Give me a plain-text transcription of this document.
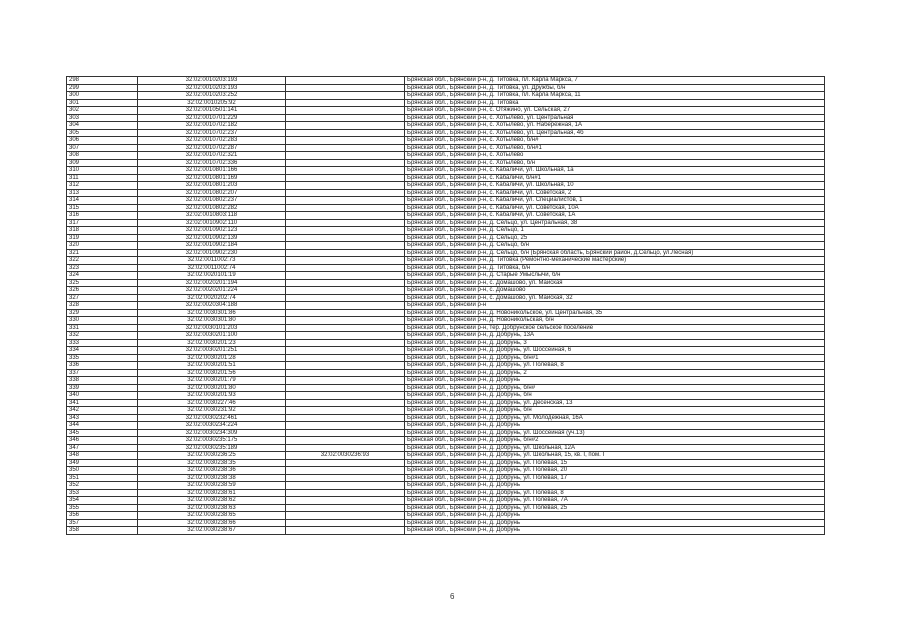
298	32:02:0010203:193		Брянская обл., Брянский р-н, д. Титовка, пл. Карла Маркса, 7
299	32:02:0010203:193		Брянская обл., Брянский р-н, д. Титовка, ул. Дружбы, б/н
300	32:02:0010203:252		Брянская обл., Брянский р-н, д. Титовка, пл. Карла Маркса, 11
301	32:02:0010205:92		Брянская обл., Брянский р-н, д. Титовка
302	32:02:0010501:141		Брянская обл., Брянский р-н, с. Отяжино, ул. Сельская, 27
303	32:02:0010701:229		Брянская обл., Брянский р-н, с. Хотылево, ул. Центральная
304	32:02:0010702:182		Брянская обл., Брянский р-н, с. Хотылево, ул. Набережная, 1А
305	32:02:0010702:237		Брянская обл., Брянский р-н, с. Хотылево, ул. Центральная, 4б
306	32:02:0010702:283		Брянская обл., Брянский р-н, с. Хотылево, б/н#
307	32:02:0010702:287		Брянская обл., Брянский р-н, с. Хотылево, б/н#1
308	32:02:0010702:321		Брянская обл., Брянский р-н, с. Хотылево
309	32:02:0010702:336		Брянская обл., Брянский р-н, с. Хотылево, б/н
310	32:02:0010801:166		Брянская обл., Брянский р-н, с. Кабаличи, ул. Школьная, 1а
311	32:02:0010801:169		Брянская обл., Брянский р-н, с. Кабаличи, б/н#1
312	32:02:0010801:203		Брянская обл., Брянский р-н, с. Кабаличи, ул. Школьная, 10
313	32:02:0010802:207		Брянская обл., Брянский р-н, с. Кабаличи, ул. Советская, 2
314	32:02:0010802:237		Брянская обл., Брянский р-н, с. Кабаличи, ул. Специалистов, 1
315	32:02:0010802:282		Брянская обл., Брянский р-н, с. Кабаличи, ул. Советская, 10А
316	32:02:0010803:118		Брянская обл., Брянский р-н, с. Кабаличи, ул. Советская, 1А
317	32:02:0010902:110		Брянская обл., Брянский р-н, д. Сельцо, ул. Центральная, 38
318	32:02:0010902:123		Брянская обл., Брянский р-н, д. Сельцо, 1
319	32:02:0010902:139		Брянская обл., Брянский р-н, д. Сельцо, 25
320	32:02:0010902:184		Брянская обл., Брянский р-н, д. Сельцо, б/н
321	32:02:0010902:230		Брянская обл., Брянский р-н, д. Сельцо, б/н (Брянская область, Брянский район, д.Сельцо, ул.Лесная)
322	32:02:0011002:73		Брянская обл., Брянский р-н, д. Титовка (Ремонтно-механические мастерские)
323	32:02:0011002:74		Брянская обл., Брянский р-н, д. Титовка, б/н
324	32:02:0020101:19		Брянская обл., Брянский р-н, д. Старые Умыслычи, б/н
325	32:02:0020201:194		Брянская обл., Брянский р-н, с. Домашово, ул. Майская
326	32:02:0020201:224		Брянская обл., Брянский р-н, с. Домашово
327	32:02:0020202:74		Брянская обл., Брянский р-н, с. Домашово, ул. Майская, 32
328	32:02:0020304:188		Брянская обл., Брянский р-н
329	32:02:0030301:86		Брянская обл., Брянский р-н, д. Новоникольское, ул. Центральная, 35
330	32:02:0030301:80		Брянская обл., Брянский р-н, д. Новоникольская, б/н
331	32:02:0030101:203		Брянская обл., Брянский р-н, тер. Добрунское сельское поселение
332	32:02:0030201:100		Брянская обл., Брянский р-н, д. Добрунь, 13А
333	32:02:0030201:23		Брянская обл., Брянский р-н, д. Добрунь, 3
334	32:02:0030201:251		Брянская обл., Брянский р-н, д. Добрунь, ул. Шоссейная, 6
335	32:02:0030201:28		Брянская обл., Брянский р-н, д. Добрунь, б/н#1
336	32:02:0030201:51		Брянская обл., Брянский р-н, д. Добрунь, ул. Полевая, 8
337	32:02:0030201:56		Брянская обл., Брянский р-н, д. Добрунь, 2
338	32:02:0030201:79		Брянская обл., Брянский р-н, д. Добрунь
339	32:02:0030201:80		Брянская обл., Брянский р-н, д. Добрунь, б/н#
340	32:02:0030201:93		Брянская обл., Брянский р-н, д. Добрунь, б/н
341	32:02:0030227:46		Брянская обл., Брянский р-н, д. Добрунь, ул. Десенская, 13
342	32:02:0030231:92		Брянская обл., Брянский р-н, д. Добрунь, б/н
343	32:02:0030232:461		Брянская обл., Брянский р-н, д. Добрунь, ул. Молодежная, 16А
344	32:02:0030234:224		Брянская обл., Брянский р-н, д. Добрунь
345	32:02:0030234:309		Брянская обл., Брянский р-н, д. Добрунь, ул. Шоссейная (уч.13)
346	32:02:0030235:175		Брянская обл., Брянский р-н, д. Добрунь, б/н#2
347	32:02:0030235:189		Брянская обл., Брянский р-н, д. Добрунь, ул. Школьная, 12А
348	32:02:0030236:25	32:02:0030236:93	Брянская обл., Брянский р-н, д. Добрунь, ул. Школьная, 15, кв. I, пом. I
349	32:02:0030238:35		Брянская обл., Брянский р-н, д. Добрунь, ул. Полевая, 15
350	32:02:0030238:36		Брянская обл., Брянский р-н, д. Добрунь, ул. Полевая, 20
351	32:02:0030238:38		Брянская обл., Брянский р-н, д. Добрунь, ул. Полевая, 17
352	32:02:0030238:59		Брянская обл., Брянский р-н, д. Добрунь
353	32:02:0030238:61		Брянская обл., Брянский р-н, д. Добрунь, ул. Полевая, 8
354	32:02:0030238:62		Брянская обл., Брянский р-н, д. Добрунь, ул. Полевая, 7А
355	32:02:0030238:63		Брянская обл., Брянский р-н, д. Добрунь, ул. Полевая, 25
356	32:02:0030238:65		Брянская обл., Брянский р-н, д. Добрунь
357	32:02:0030238:66		Брянская обл., Брянский р-н, д. Добрунь
358	32:02:0030238:67		Брянская обл., Брянский р-н, д. Добрунь
6
